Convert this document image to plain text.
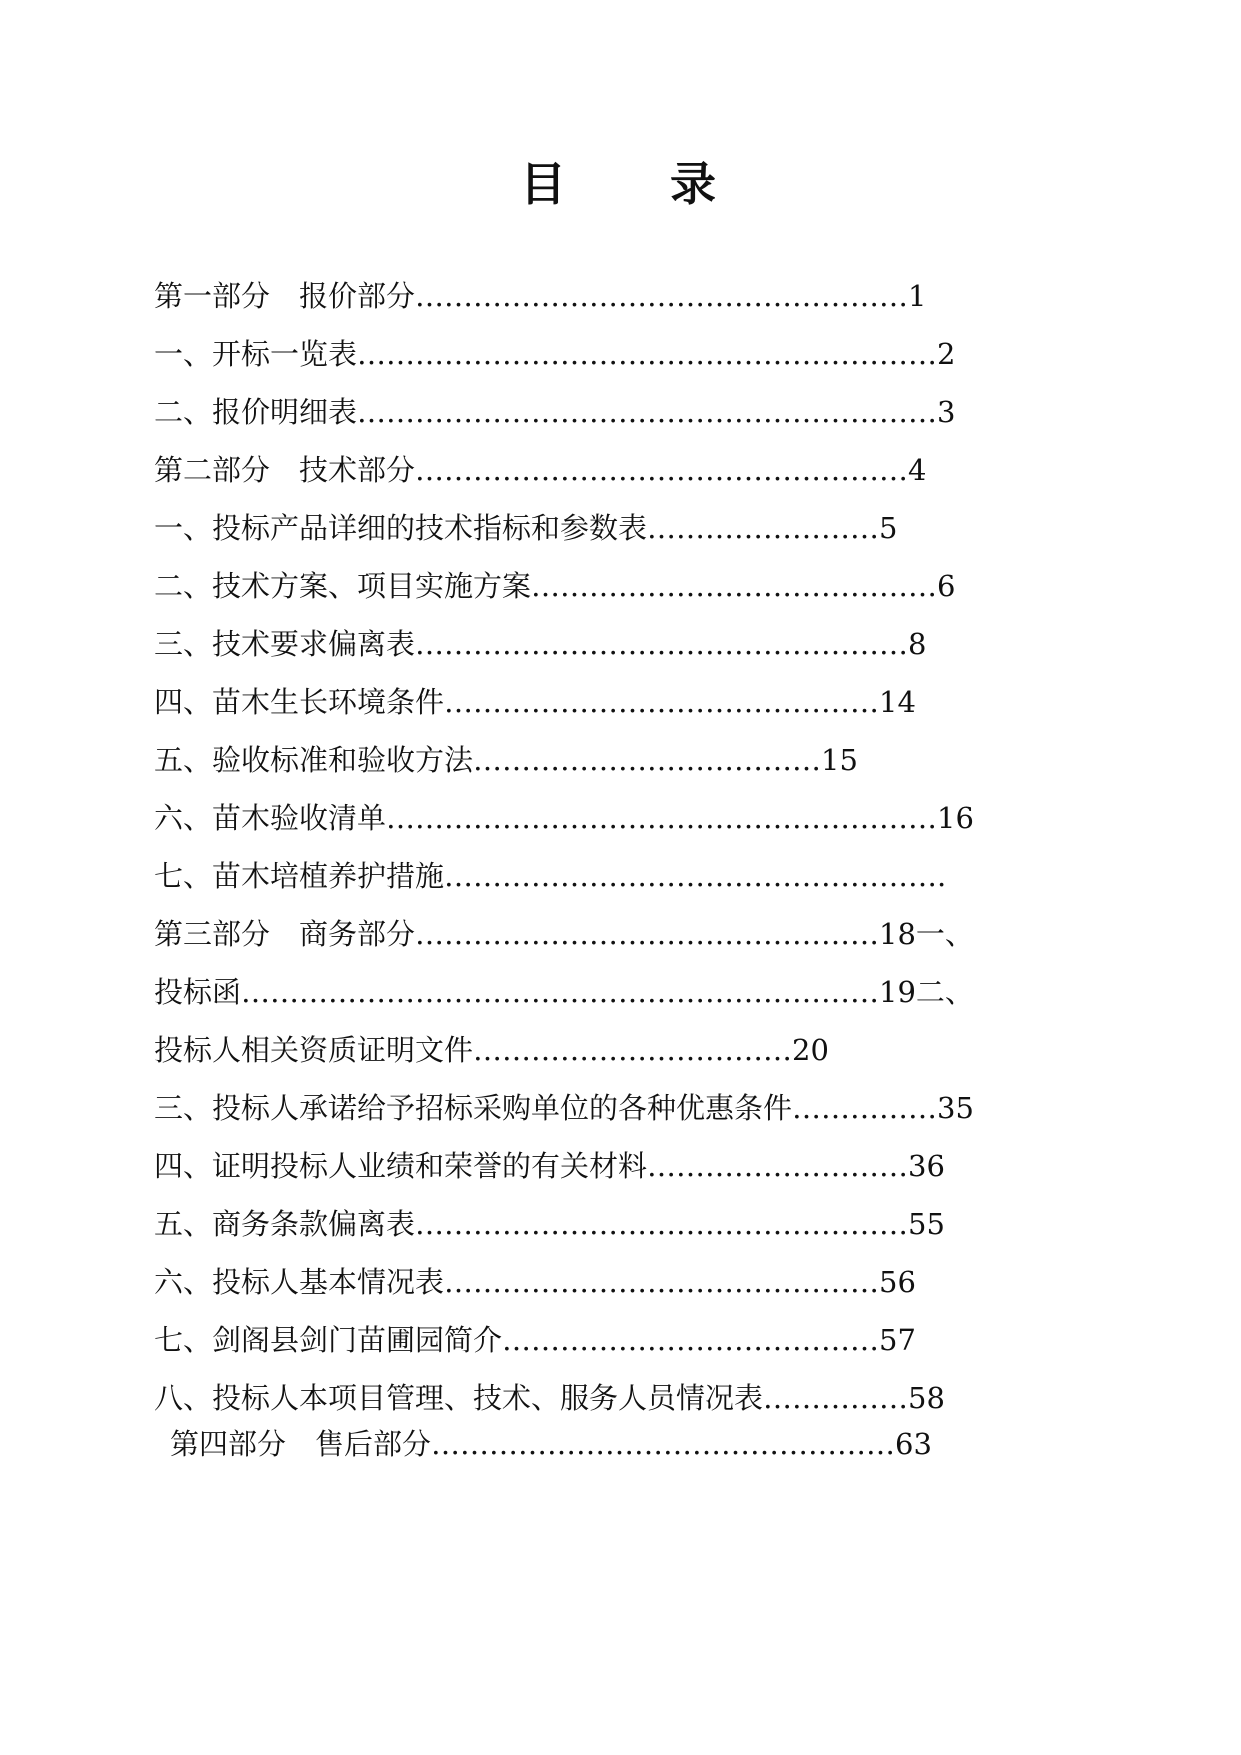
目 录
第一部分　报价部分……………………………………………1
一、开标一览表……………………………………………………2
二、报价明细表……………………………………………………3
第二部分　技术部分……………………………………………4
一、投标产品详细的技术指标和参数表……………………5
二、技术方案、项目实施方案……………………………………6
三、技术要求偏离表……………………………………………8
四、苗木生长环境条件………………………………………14
五、验收标准和验收方法………………………………15
六、苗木验收清单…………………………………………………16
七、苗木培植养护措施…………………………………………….
第三部分　商务部分…………………………………………18一、
投标函…………………………………………………………19二、
投标人相关资质证明文件……………………………20
三、投标人承诺给予招标采购单位的各种优惠条件……………35
四、证明投标人业绩和荣誉的有关材料………………………36
五、商务条款偏离表……………………………………………55
六、投标人基本情况表………………………………………56
七、剑阁县剑门苗圃园简介…………………………………57
八、投标人本项目管理、技术、服务人员情况表……………58
第四部分　售后部分…………………………………………63
